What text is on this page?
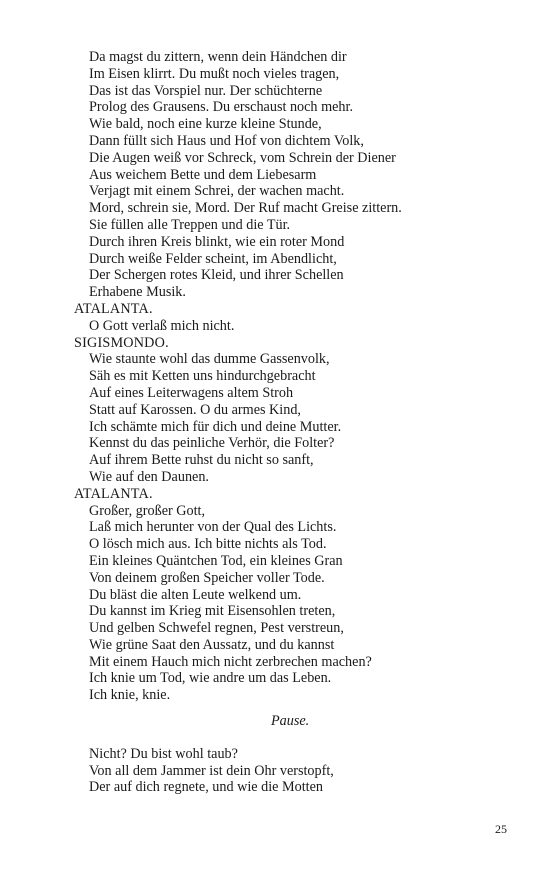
Da magst du zittern, wenn dein Händchen dir
Im Eisen klirrt. Du mußt noch vieles tragen,
Das ist das Vorspiel nur. Der schüchterne
Prolog des Grausens. Du erschaust noch mehr.
Wie bald, noch eine kurze kleine Stunde,
Dann füllt sich Haus und Hof von dichtem Volk,
Die Augen weiß vor Schreck, vom Schrein der Diener
Aus weichem Bette und dem Liebesarm
Verjagt mit einem Schrei, der wachen macht.
Mord, schrein sie, Mord. Der Ruf macht Greise zittern.
Sie füllen alle Treppen und die Tür.
Durch ihren Kreis blinkt, wie ein roter Mond
Durch weiße Felder scheint, im Abendlicht,
Der Schergen rotes Kleid, und ihrer Schellen
Erhabene Musik.
ATALANTA.
O Gott verlaß mich nicht.
SIGISMONDO.
Wie staunte wohl das dumme Gassenvolk,
Säh es mit Ketten uns hindurchgebracht
Auf eines Leiterwagens altem Stroh
Statt auf Karossen. O du armes Kind,
Ich schämte mich für dich und deine Mutter.
Kennst du das peinliche Verhör, die Folter?
Auf ihrem Bette ruhst du nicht so sanft,
Wie auf den Daunen.
ATALANTA.
Großer, großer Gott,
Laß mich herunter von der Qual des Lichts.
O lösch mich aus. Ich bitte nichts als Tod.
Ein kleines Quäntchen Tod, ein kleines Gran
Von deinem großen Speicher voller Tode.
Du bläst die alten Leute welkend um.
Du kannst im Krieg mit Eisensohlen treten,
Und gelben Schwefel regnen, Pest verstreun,
Wie grüne Saat den Aussatz, und du kannst
Mit einem Hauch mich nicht zerbrechen machen?
Ich knie um Tod, wie andre um das Leben.
Ich knie, knie.
Pause.
Nicht? Du bist wohl taub?
Von all dem Jammer ist dein Ohr verstopft,
Der auf dich regnete, und wie die Motten
25
